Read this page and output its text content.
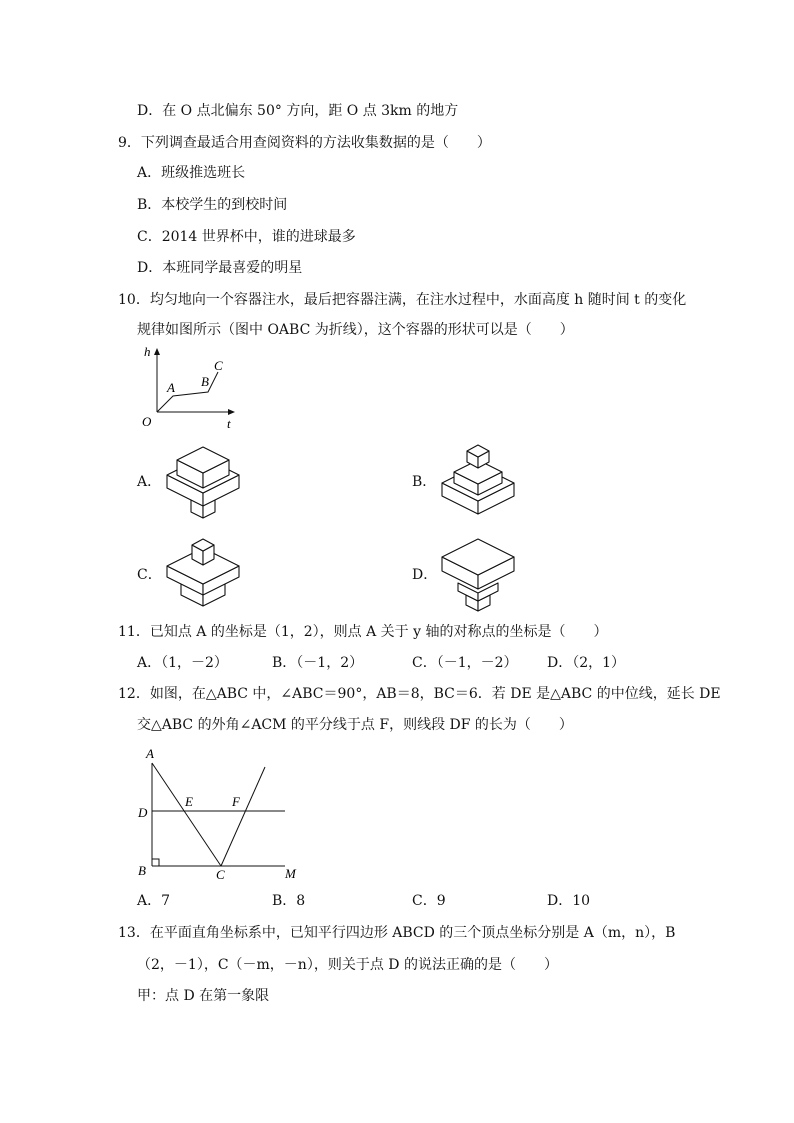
D．在 O 点北偏东 50° 方向，距 O 点 3km 的地方
9．下列调查最适合用查阅资料的方法收集数据的是（　　）
A．班级推选班长
B．本校学生的到校时间
C．2014 世界杯中，谁的进球最多
D．本班同学最喜爱的明星
10．均匀地向一个容器注水，最后把容器注满，在注水过程中，水面高度 h 随时间 t 的变化
规律如图所示（图中 OABC 为折线），这个容器的形状可以是（　　）
h
t
O
A B
C
A．	B．
C．	D．
11．已知点 A 的坐标是（1，2），则点 A 关于 y 轴的对称点的坐标是（　　）
A．（1，－2）	B．（－1，2）	C．（－1，－2） D．（2，1）
12．如图，在△ABC 中，∠ABC＝90°，AB＝8，BC＝6．若 DE 是△ABC 的中位线，延长 DE
交△ABC 的外角∠ACM 的平分线于点 F，则线段 DF 的长为（　　）
A
D
B
E	F
C	M
A．7	B．8	C．9	D．10
13．在平面直角坐标系中，已知平行四边形 ABCD 的三个顶点坐标分别是 A（m，n），B
（2，－1），C（－m，－n），则关于点 D 的说法正确的是（　　）
甲：点 D 在第一象限
